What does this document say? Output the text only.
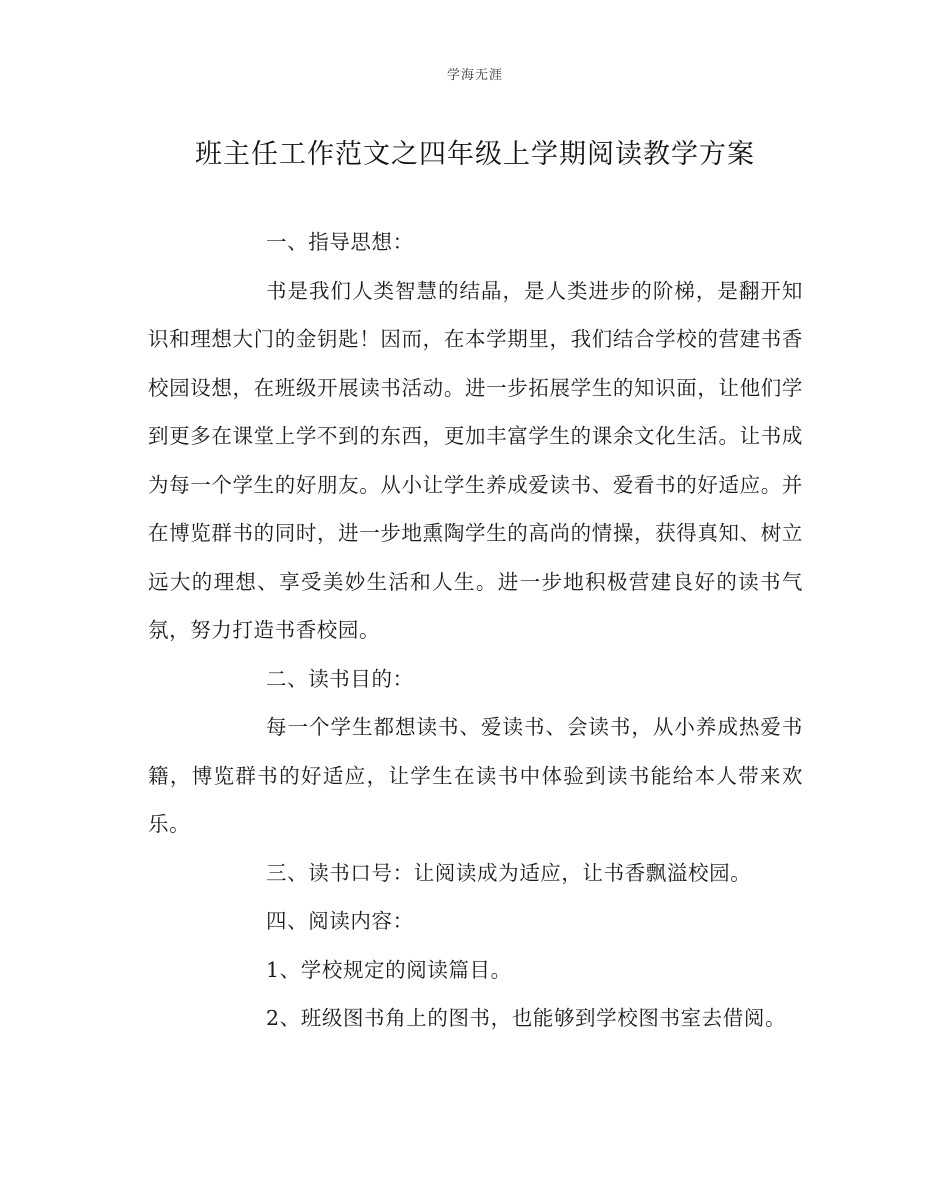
学海无涯
班主任工作范文之四年级上学期阅读教学方案

一、指导思想：

书是我们人类智慧的结晶，是人类进步的阶梯，是翻开知识和理想大门的金钥匙！因而，在本学期里，我们结合学校的营建书香校园设想，在班级开展读书活动。进一步拓展学生的知识面，让他们学到更多在课堂上学不到的东西，更加丰富学生的课余文化生活。让书成为每一个学生的好朋友。从小让学生养成爱读书、爱看书的好适应。并在博览群书的同时，进一步地熏陶学生的高尚的情操，获得真知、树立远大的理想、享受美妙生活和人生。进一步地积极营建良好的读书气氛，努力打造书香校园。

二、读书目的：

每一个学生都想读书、爱读书、会读书，从小养成热爱书籍，博览群书的好适应，让学生在读书中体验到读书能给本人带来欢乐。

三、读书口号：让阅读成为适应，让书香飘溢校园。

四、阅读内容：

1、学校规定的阅读篇目。

2、班级图书角上的图书，也能够到学校图书室去借阅。
